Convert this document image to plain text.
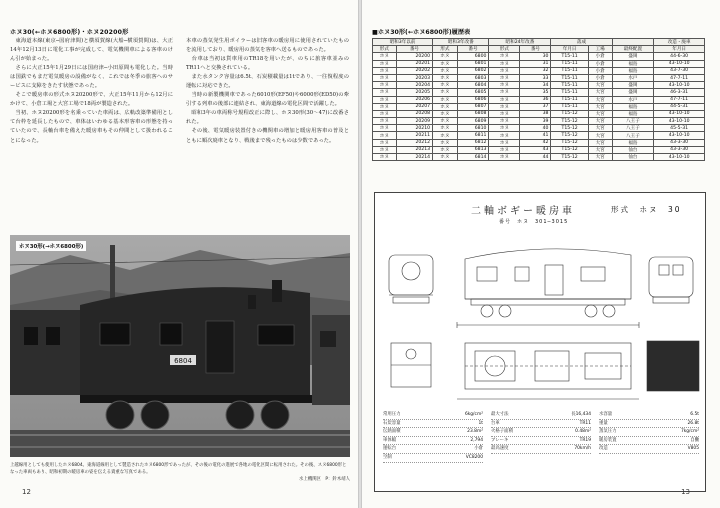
ホヌ30(←ホヌ6800形)・ホヌ20200形

　東海道本線(東京─国府津間)と横須賀線(大船─横須賀間)は、大正14年12月13日に電化工事が完成して、電気機関車による客車のけん引が始まった。

　さらに大正15年1月29日には国府津─小田原間も電化した。当時は国鉄でもまだ電気暖房の設備がなく、これでは冬季の旅客へのサービスに支障をきたす状態であった。

　そこで暖房車の形式ホヌ20200形で、大正15年11月から12月にかけて、小倉工場と大宮工場で18両が製造された。

　当初、ホヌ20200形を名乗っていた車両は、広軌改築準備用として台枠を延長したもので、車体はいわゆる基本形客車の形態を持っていたので、長軸台車を備えた暖房車もその仲間として扱われることになった。

本車の蒸気発生用ボイラーは旧客車の暖房用に使用されていたものを流用しており、暖房用の蒸気を客車へ送るものであった。

　台車は当初は貨車用のTR18を用いたが、のちに旅客車並みのTR11へと交換されている。

　また水タンク容量は6.5t、石炭積載量は1tであり、一往復程度の運転に対応できた。

　当時の新製機関車であった6010形(EF50)や6000形(ED50)の牽引する列車の後部に連結され、東海道線の電化区間で活躍した。

　昭和3年の車両称号規程改正に際し、ホヌ30形(30〜47)に改番された。

　その後、電気暖房装置付きの機関車の増加と暖房用客車の普及とともに順次廃車となり、戦後まで残ったものは少数であった。

6804
ホヌ30形(→ホヌ6800形)
上越線用としても使用したホヌ6804。東海道線用として製造されたホヌ6800形であったが、その後の電化の進展で各地の電化区間に転用された。その後、スヌ6800形となった車両もあり、昭和初期の暖房車の姿を伝える貴重な写真である。
水上機関区　P：鈴木靖人
12
■ホヌ30形(←ホヌ6800形)履歴表
昭和3年以前		昭和3年改番		昭和24年改番		落成			改造・廃車
形式	番号	形式	番号	形式	番号	年月日	工場	最終配置	年月日
ホヌ	20200	ホヌ	6800	ホヌ	30	T15-11	小倉	盛岡	44-6-30
ホヌ	20201	ホヌ	6801	ホヌ	31	T15-11	小倉	福島	43-10-10
ホヌ	20202	ホヌ	6802	ホヌ	32	T15-11	小倉	福島	43-7-30
ホヌ	20203	ホヌ	6803	ホヌ	33	T15-11	小倉	水戸	47-7-11
ホヌ	20204	ホヌ	6804	ホヌ	34	T15-11	大宮	盛岡	43-10-10
ホヌ	20205	ホヌ	6805	ホヌ	35	T15-11	大宮	盛岡	46-3-31
ホヌ	20206	ホヌ	6806	ホヌ	36	T15-11	大宮	水戸	47-7-11
ホヌ	20207	ホヌ	6807	ホヌ	37	T15-11	大宮	福島	44-5-31
ホヌ	20208	ホヌ	6808	ホヌ	38	T15-12	大宮	福島	43-10-10
ホヌ	20209	ホヌ	6809	ホヌ	39	T15-12	大宮	八王子	43-10-10
ホヌ	20210	ホヌ	6810	ホヌ	40	T15-12	大宮	八王子	45-5-31
ホヌ	20211	ホヌ	6811	ホヌ	41	T15-12	大宮	八王子	43-10-10
ホヌ	20212	ホヌ	6812	ホヌ	42	T15-12	大宮	福島	43-3-30
ホヌ	20213	ホヌ	6813	ホヌ	43	T15-12	大宮	仙台	43-3-30
ホヌ	20214	ホヌ	6814	ホヌ	44	T15-12	大宮	仙台	43-10-10
二軸ボギー暖房車	形式　ホヌ　30
番号　ホヌ　301─3015
常用圧力	6kg/cm² 最大寸法	長16,434 水容量	6.5t
石炭容量	1t 台車	TR11 重量	26.8t
伝熱面積	23.8m² 火格子面積	0.48m² 蒸気圧力	7kg/cm²
車体幅	2,794 ブレーキ	TR19 暖房装置	自働
運転台	小倉 最高速度	70km/h 改造	V805
空制	VC8200
13
